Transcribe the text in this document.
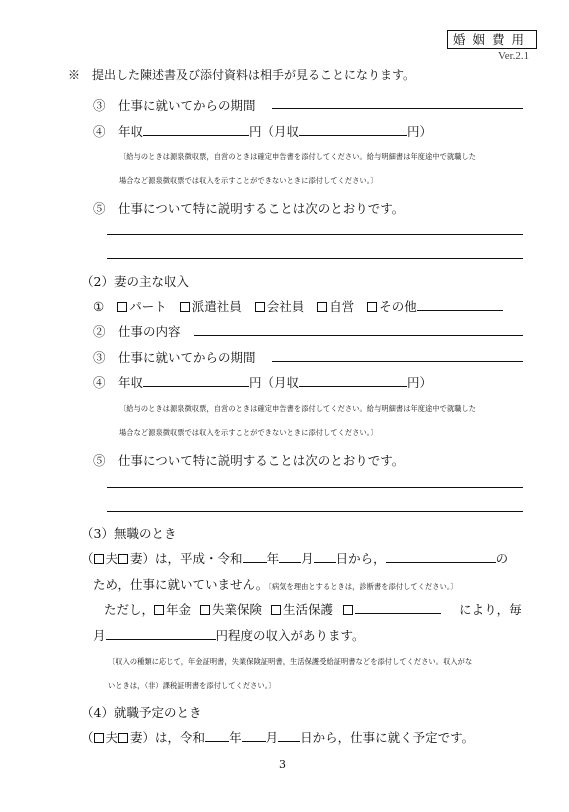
婚姻費用
Ver.2.1
※　提出した陳述書及び添付資料は相手が見ることになります。
③　仕事に就いてからの期間
④　年収	円（月収	円）
〔給与のときは源泉徴収票，自営のときは確定申告書を添付してください。給与明細書は年度途中で就職した
場合など源泉徴収票では収入を示すことができないときに添付してください。〕
⑤　仕事について特に説明することは次のとおりです。
（2）妻の主な収入
① パート 派遣社員 会社員 自営 その他
②　仕事の内容
③　仕事に就いてからの期間
④　年収	円（月収	円）
〔給与のときは源泉徴収票，自営のときは確定申告書を添付してください。給与明細書は年度途中で就職した
場合など源泉徴収票では収入を示すことができないときに添付してください。〕
⑤　仕事について特に説明することは次のとおりです。
（3）無職のとき
（ 夫 妻）は，平成・令和 年 月 日から，	の
ため，仕事に就いていません。〔病気を理由とするときは，診断書を添付してください。〕
ただし， 年金 失業保険 生活保護	により，毎
月	円程度の収入があります。
〔収入の種類に応じて，年金証明書，失業保険証明書，生活保護受給証明書などを添付してください。収入がな
いときは，（非）課税証明書を添付してください。〕
（4）就職予定のとき
（ 夫 妻）は，令和 年 月 日から，仕事に就く予定です。
3
